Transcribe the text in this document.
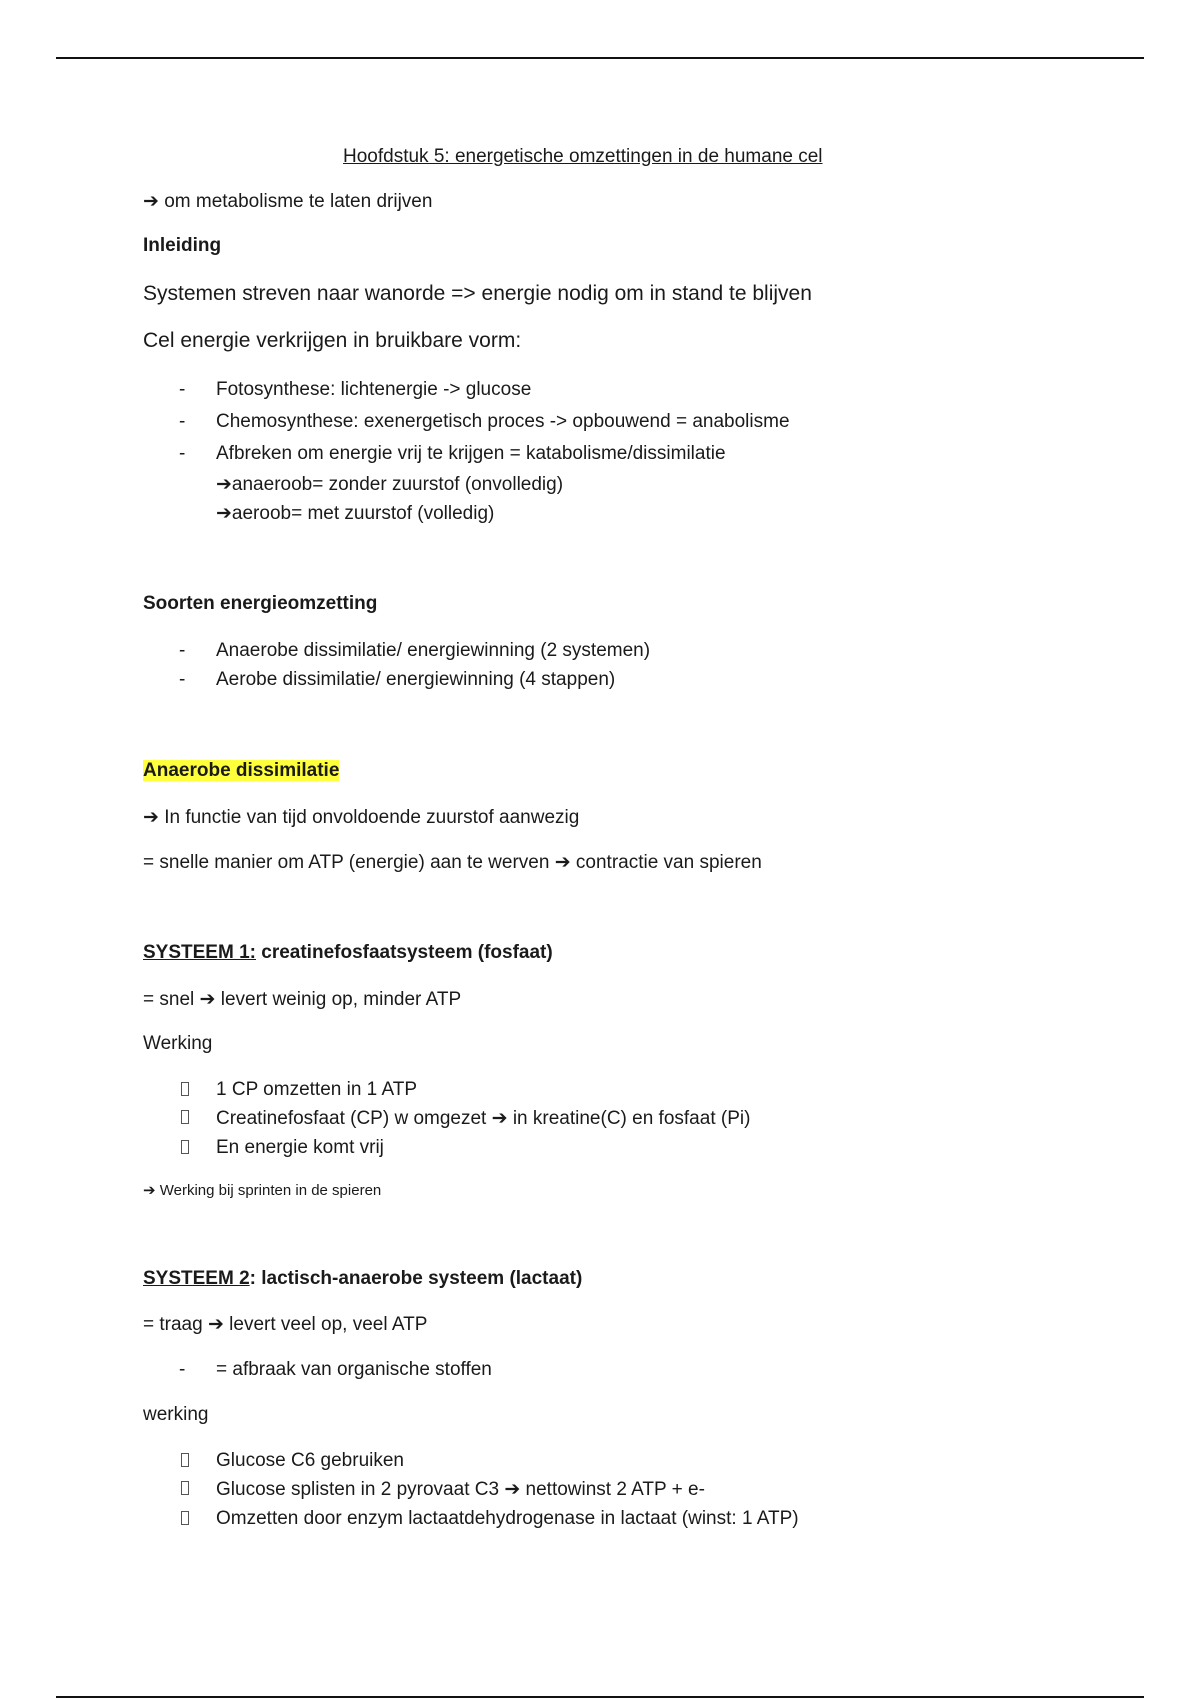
Hoofdstuk 5: energetische omzettingen in de humane cel
➔ om metabolisme te laten drijven
Inleiding
Systemen streven naar wanorde => energie nodig om in stand te blijven
Cel energie verkrijgen in bruikbare vorm:
- Fotosynthese: lichtenergie -> glucose
- Chemosynthese: exenergetisch proces -> opbouwend = anabolisme
- Afbreken om energie vrij te krijgen = katabolisme/dissimilatie
➔anaeroob= zonder zuurstof (onvolledig)
➔aeroob= met zuurstof (volledig)
Soorten energieomzetting
- Anaerobe dissimilatie/ energiewinning (2 systemen)
- Aerobe dissimilatie/ energiewinning (4 stappen)
Anaerobe dissimilatie
➔ In functie van tijd onvoldoende zuurstof aanwezig
= snelle manier om ATP (energie) aan te werven ➔ contractie van spieren
SYSTEEM 1: creatinefosfaatsysteem (fosfaat)
= snel ➔ levert weinig op, minder ATP
Werking
1 CP omzetten in 1 ATP
Creatinefosfaat (CP) w omgezet ➔ in kreatine(C) en fosfaat (Pi)
En energie komt vrij
➔ Werking bij sprinten in de spieren
SYSTEEM 2: lactisch-anaerobe systeem (lactaat)
= traag ➔ levert veel op, veel ATP
- = afbraak van organische stoffen
werking
Glucose C6 gebruiken
Glucose splisten in 2 pyrovaat C3 ➔ nettowinst 2 ATP + e-
Omzetten door enzym lactaatdehydrogenase in lactaat (winst: 1 ATP)
